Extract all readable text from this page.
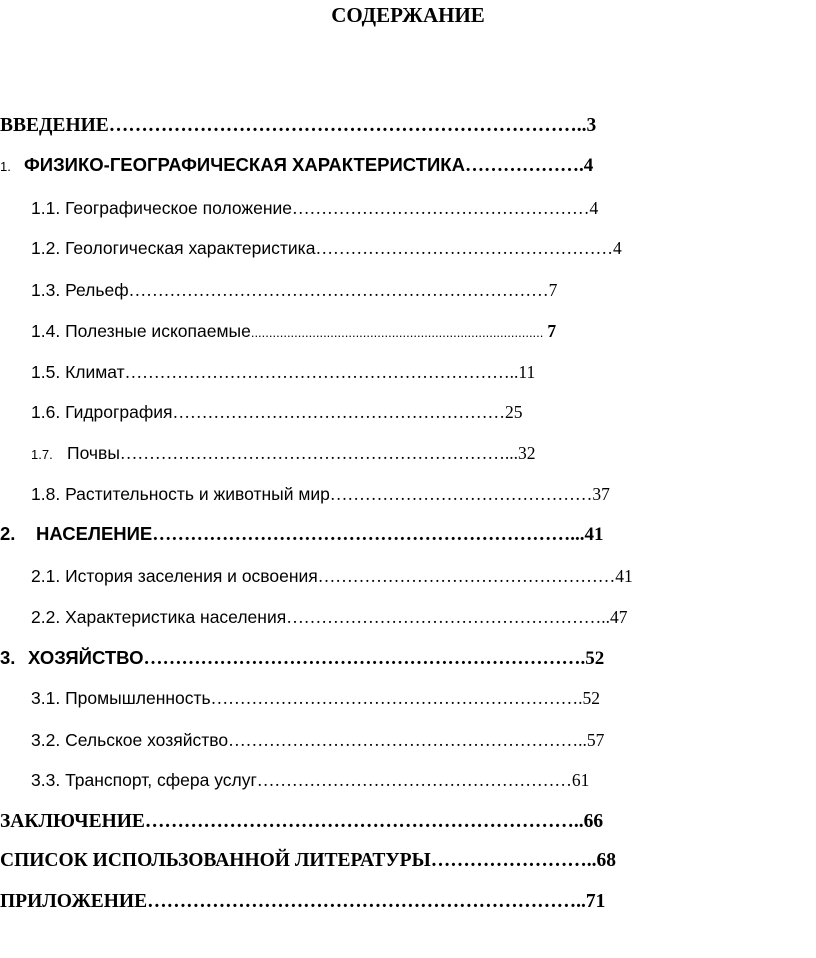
СОДЕРЖАНИЕ
ВВЕДЕНИЕ………………………………………………………………..3
1. ФИЗИКО-ГЕОГРАФИЧЕСКАЯ ХАРАКТЕРИСТИКА……………….4
1.1. Географическое положение……………………………………………4
1.2. Геологическая характеристика……………………………………………4
1.3. Рельеф………………………………………………………………7
1.4. Полезные ископаемые................................................................................. 7
1.5. Климат…………………………………………………………..11
1.6. Гидрография…………………………………………………25
1.7. Почвы…………………………………………………………...32
1.8. Растительность и животный мир………………………………………37
2. НАСЕЛЕНИЕ…………………………………………………………...41
2.1. История заселения и освоения……………………………………………41
2.2. Характеристика населения………………………………………………..47
3. ХОЗЯЙСТВО…………………………………………………………….52
3.1. Промышленность……………………………………………………….52
3.2. Сельское хозяйство……………………………………………………..57
3.3. Транспорт, сфера услуг………………………………………………61
ЗАКЛЮЧЕНИЕ…………………………………………………………..66
СПИСОК ИСПОЛЬЗОВАННОЙ ЛИТЕРАТУРЫ……………………..68
ПРИЛОЖЕНИЕ…………………………………………………………..71
